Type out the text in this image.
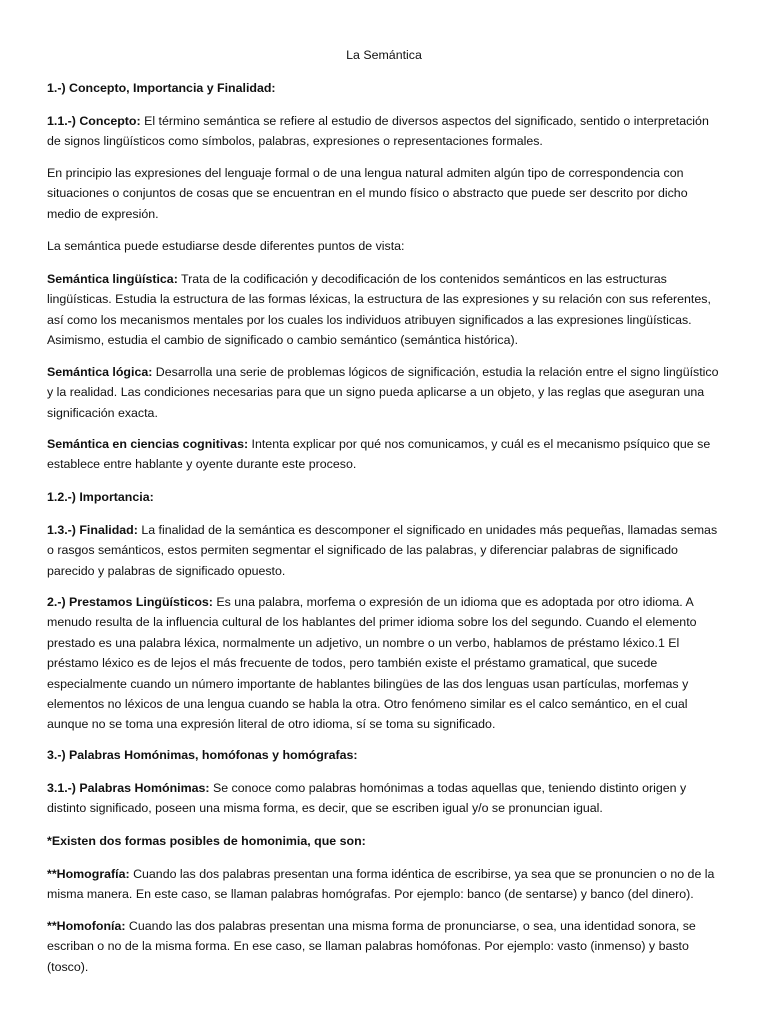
La Semántica

1.-) Concepto, Importancia y Finalidad:

1.1.-) Concepto: El término semántica se refiere al estudio de diversos aspectos del significado, sentido o interpretación de signos lingüísticos como símbolos, palabras, expresiones o representaciones formales.

En principio las expresiones del lenguaje formal o de una lengua natural admiten algún tipo de correspondencia con situaciones o conjuntos de cosas que se encuentran en el mundo físico o abstracto que puede ser descrito por dicho medio de expresión.

La semántica puede estudiarse desde diferentes puntos de vista:

Semántica lingüística: Trata de la codificación y decodificación de los contenidos semánticos en las estructuras lingüísticas. Estudia la estructura de las formas léxicas, la estructura de las expresiones y su relación con sus referentes, así como los mecanismos mentales por los cuales los individuos atribuyen significados a las expresiones lingüísticas. Asimismo, estudia el cambio de significado o cambio semántico (semántica histórica).

Semántica lógica: Desarrolla una serie de problemas lógicos de significación, estudia la relación entre el signo lingüístico y la realidad. Las condiciones necesarias para que un signo pueda aplicarse a un objeto, y las reglas que aseguran una significación exacta.

Semántica en ciencias cognitivas: Intenta explicar por qué nos comunicamos, y cuál es el mecanismo psíquico que se establece entre hablante y oyente durante este proceso.

1.2.-) Importancia:

1.3.-) Finalidad: La finalidad de la semántica es descomponer el significado en unidades más pequeñas, llamadas semas o rasgos semánticos, estos permiten segmentar el significado de las palabras, y diferenciar palabras de significado parecido y palabras de significado opuesto.

2.-) Prestamos Lingüísticos: Es una palabra, morfema o expresión de un idioma que es adoptada por otro idioma. A menudo resulta de la influencia cultural de los hablantes del primer idioma sobre los del segundo. Cuando el elemento prestado es una palabra léxica, normalmente un adjetivo, un nombre o un verbo, hablamos de préstamo léxico.1 El préstamo léxico es de lejos el más frecuente de todos, pero también existe el préstamo gramatical, que sucede especialmente cuando un número importante de hablantes bilingües de las dos lenguas usan partículas, morfemas y elementos no léxicos de una lengua cuando se habla la otra. Otro fenómeno similar es el calco semántico, en el cual aunque no se toma una expresión literal de otro idioma, sí se toma su significado.

3.-) Palabras Homónimas, homófonas y homógrafas:

3.1.-) Palabras Homónimas: Se conoce como palabras homónimas a todas aquellas que, teniendo distinto origen y distinto significado, poseen una misma forma, es decir, que se escriben igual y/o se pronuncian igual.

*Existen dos formas posibles de homonimia, que son:

**Homografía: Cuando las dos palabras presentan una forma idéntica de escribirse, ya sea que se pronuncien o no de la misma manera. En este caso, se llaman palabras homógrafas. Por ejemplo: banco (de sentarse) y banco (del dinero).

**Homofonía: Cuando las dos palabras presentan una misma forma de pronunciarse, o sea, una identidad sonora, se escriban o no de la misma forma. En ese caso, se llaman palabras homófonas. Por ejemplo: vasto (inmenso) y basto (tosco).
